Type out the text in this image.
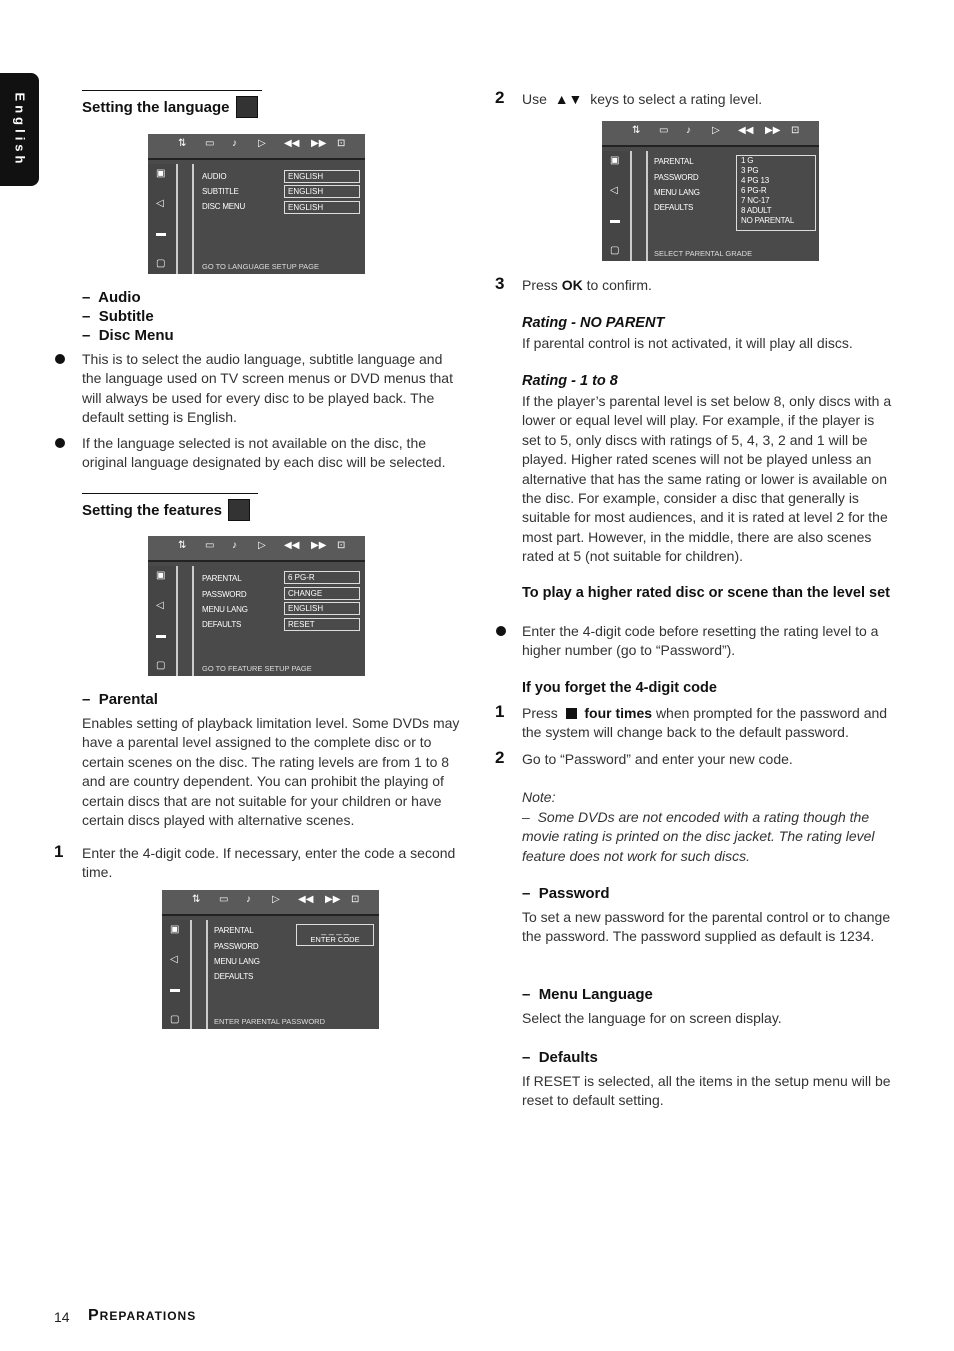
English	Setting the language
⇅ ▭ ♪ ▷ ◀◀ ▶▶ ⊡
▣
◁
▬
▢
AUDIO
SUBTITLE
DISC MENU
ENGLISH
ENGLISH
ENGLISH
GO TO LANGUAGE SETUP PAGE
–  Audio
–  Subtitle
–  Disc Menu

This is to select the audio language, subtitle language and the language used on TV screen menus or DVD menus that will always be used for every disc to be played back. The default setting is English.

If the language selected is not available on the disc, the original language designated by each disc will be selected.

Setting the features
⇅ ▭ ♪ ▷ ◀◀ ▶▶ ⊡
▣
◁
▬
▢
PARENTAL
PASSWORD
MENU LANG
DEFAULTS
6 PG-R
CHANGE
ENGLISH
RESET
GO TO FEATURE SETUP PAGE
–  Parental

Enables setting of playback limitation level. Some DVDs may have a parental level assigned to the complete disc or to certain scenes on the disc. The rating levels are from 1 to 8 and are country dependent. You can prohibit the playing of certain discs that are not suitable for your children or have certain discs played with alternative scenes.

1 Enter the 4-digit code. If necessary, enter the code a second time.

⇅ ▭ ♪ ▷ ◀◀ ▶▶ ⊡
▣
◁
▬
▢
PARENTAL
PASSWORD
MENU LANG
DEFAULTS
_ _ _ _
ENTER CODE
ENTER PARENTAL PASSWORD
2 Use ▲▼ keys to select a rating level.

⇅ ▭ ♪ ▷ ◀◀ ▶▶ ⊡
▣
◁
▬
▢
PARENTAL
PASSWORD
MENU LANG
DEFAULTS
1 G
3 PG
4 PG 13
6 PG-R
7 NC-17
8 ADULT
NO PARENTAL
SELECT PARENTAL GRADE
3 Press OK to confirm.

Rating - NO PARENT

If parental control is not activated, it will play all discs.

Rating - 1 to 8

If the player’s parental level is set below 8, only discs with a lower or equal level will play. For example, if the player is set to 5, only discs with ratings of 5, 4, 3, 2 and 1 will be played. Higher rated scenes will not be played unless an alternative that has the same rating or lower is available on the disc. For example, consider a disc that generally is suitable for most audiences, and it is rated at level 2 for the most part. However, in the middle, there are also scenes rated at 5 (not suitable for children).

To play a higher rated disc or scene than the level set

Enter the 4-digit code before resetting the rating level to a higher number (go to “Password”).

If you forget the 4-digit code
1 Press four times when prompted for the password and the system will change back to the default password.

2 Go to “Password” and enter your new code.

Note:

–  Some DVDs are not encoded with a rating though the movie rating is printed on the disc jacket. The rating level feature does not work for such discs.

–  Password

To set a new password for the parental control or to change the password. The password supplied as default is 1234.

–  Menu Language

Select the language for on screen display.

–  Defaults

If RESET is selected, all the items in the setup menu will be reset to default setting.

14 PREPARATIONS
